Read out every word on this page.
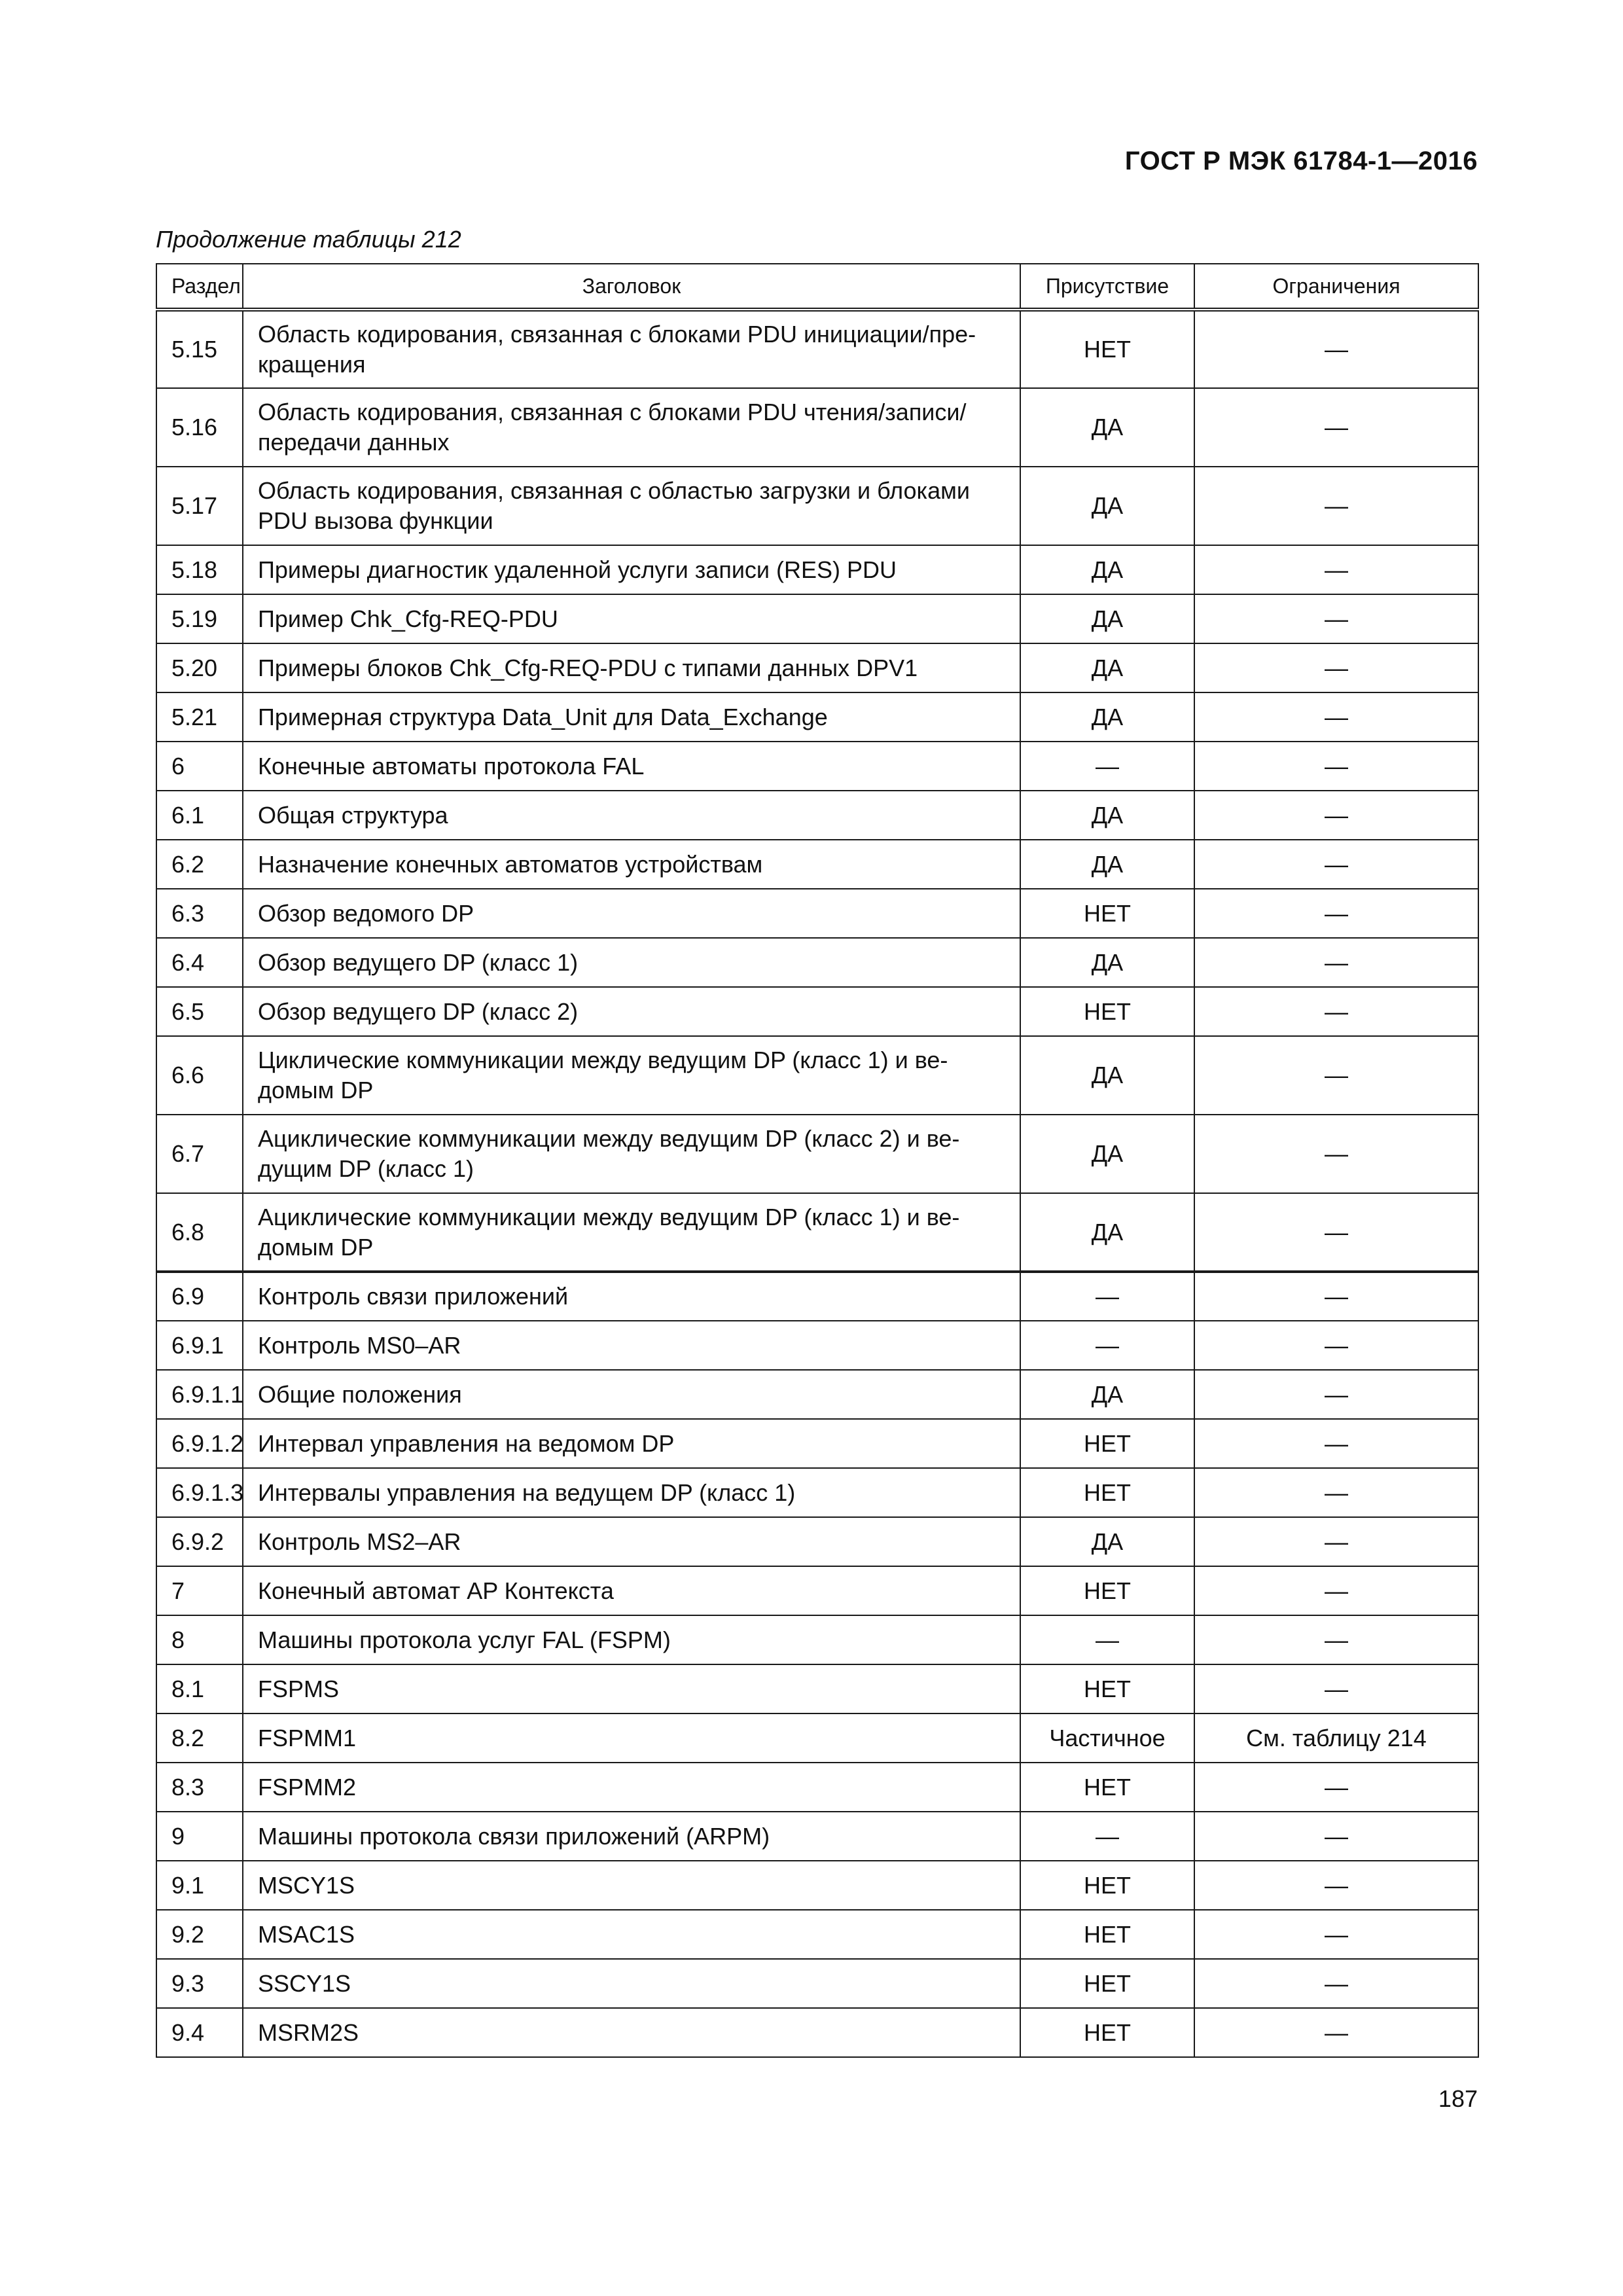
ГОСТ Р МЭК 61784-1—2016
Продолжение таблицы 212
Раздел	Заголовок	Присутствие	Ограничения
5.15	Область кодирования, связанная с блоками PDU инициации/пре-кращения	НЕТ	—
5.16	Область кодирования, связанная с блоками PDU чтения/записи/передачи данных	ДА	—
5.17	Область кодирования, связанная с областью загрузки и блоками PDU вызова функции	ДА	—
5.18	Примеры диагностик удаленной услуги записи (RES) PDU	ДА	—
5.19	Пример Chk_Cfg-REQ-PDU	ДА	—
5.20	Примеры блоков Chk_Cfg-REQ-PDU с типами данных DPV1	ДА	—
5.21	Примерная структура Data_Unit для Data_Exchange	ДА	—
6	Конечные автоматы протокола FAL	—	—
6.1	Общая структура	ДА	—
6.2	Назначение конечных автоматов устройствам	ДА	—
6.3	Обзор ведомого DP	НЕТ	—
6.4	Обзор ведущего DP (класс 1)	ДА	—
6.5	Обзор ведущего DP (класс 2)	НЕТ	—
6.6	Циклические коммуникации между ведущим DP (класс 1) и ве-домым DP	ДА	—
6.7	Ациклические коммуникации между ведущим DP (класс 2) и ве-дущим DP (класс 1)	ДА	—
6.8	Ациклические коммуникации между ведущим DP (класс 1) и ве-домым DP	ДА	—
6.9	Контроль связи приложений	—	—
6.9.1	Контроль MS0–AR	—	—
6.9.1.1	Общие положения	ДА	—
6.9.1.2	Интервал управления на ведомом DP	НЕТ	—
6.9.1.3	Интервалы управления на ведущем DP (класс 1)	НЕТ	—
6.9.2	Контроль MS2–AR	ДА	—
7	Конечный автомат AP Контекста	НЕТ	—
8	Машины протокола услуг FAL (FSPM)	—	—
8.1	FSPMS	НЕТ	—
8.2	FSPMM1	Частичное	См. таблицу 214
8.3	FSPMM2	НЕТ	—
9	Машины протокола связи приложений (ARPM)	—	—
9.1	MSCY1S	НЕТ	—
9.2	MSAC1S	НЕТ	—
9.3	SSCY1S	НЕТ	—
9.4	MSRM2S	НЕТ	—
187
